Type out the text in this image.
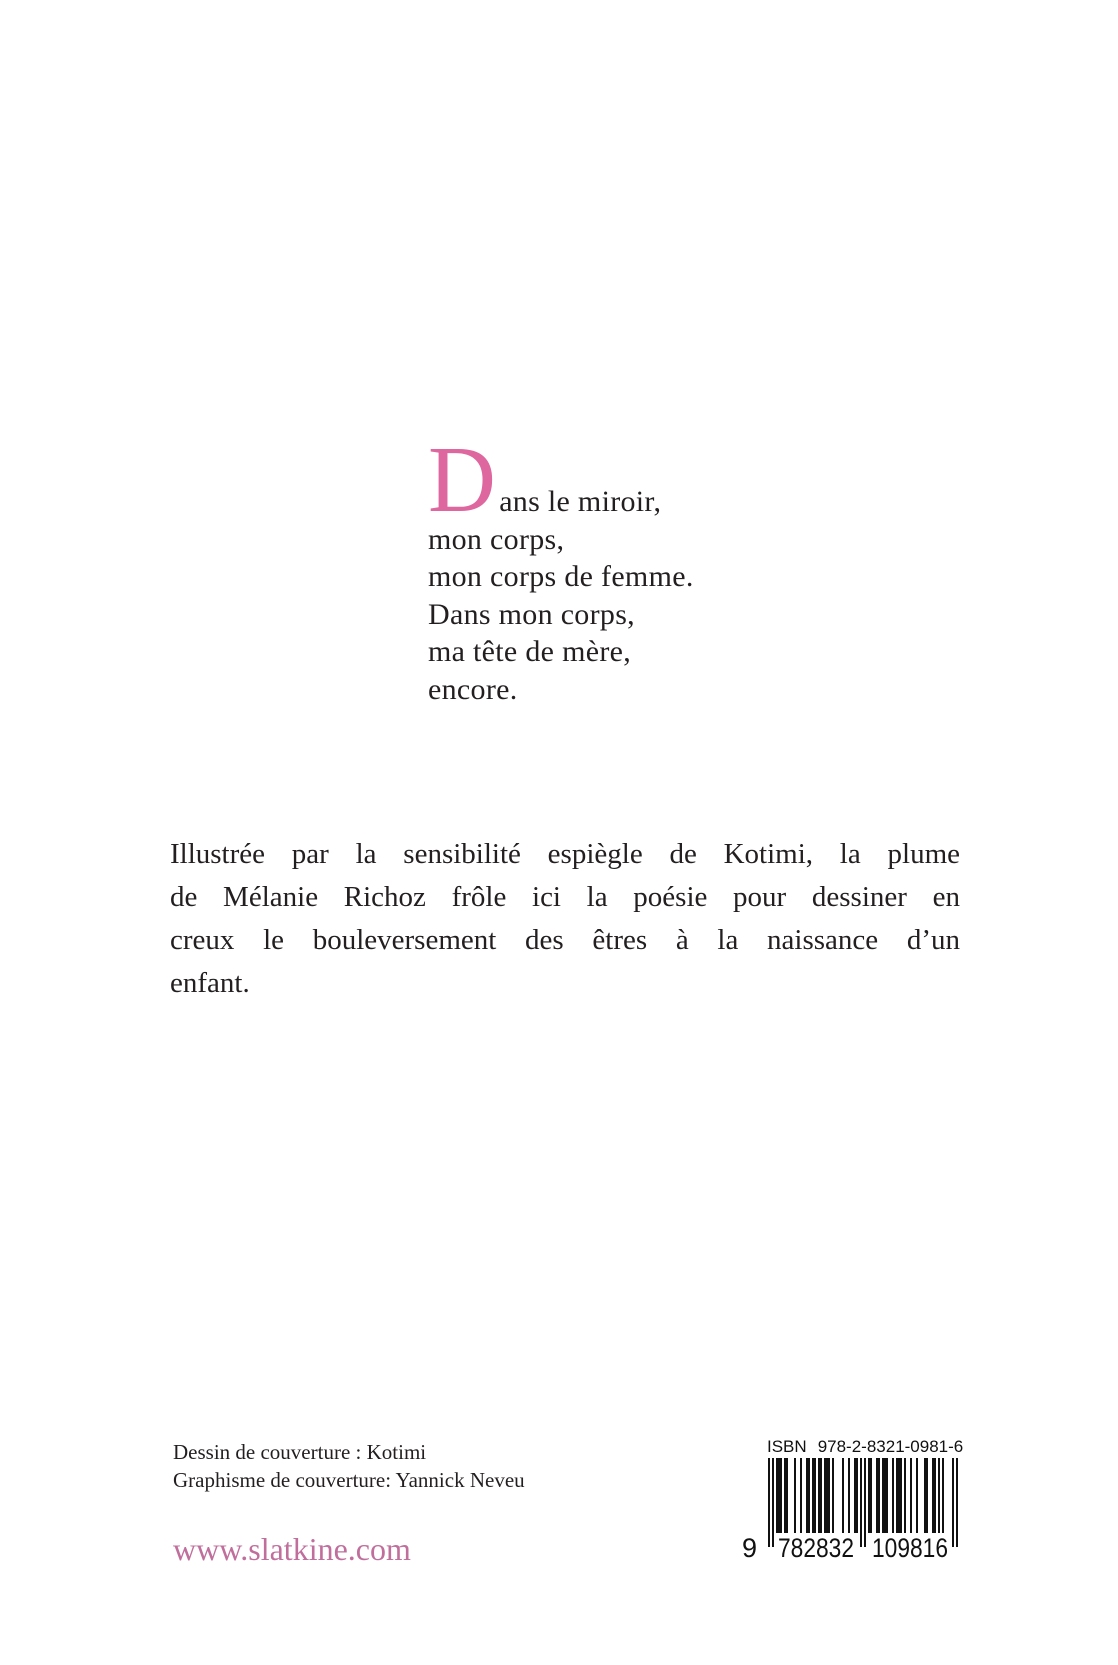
Dans le miroir,
mon corps,
mon corps de femme.
Dans mon corps,
ma tête de mère,
encore.
Illustrée par la sensibilité espiègle de Kotimi, la plume
de Mélanie Richoz frôle ici la poésie pour dessiner en
creux le bouleversement des êtres à la naissance d’un
enfant.
Dessin de couverture : Kotimi
Graphisme de couverture: Yannick Neveu
www.slatkine.com
ISBN 978-2-8321-0981-6
9 782832 109816
